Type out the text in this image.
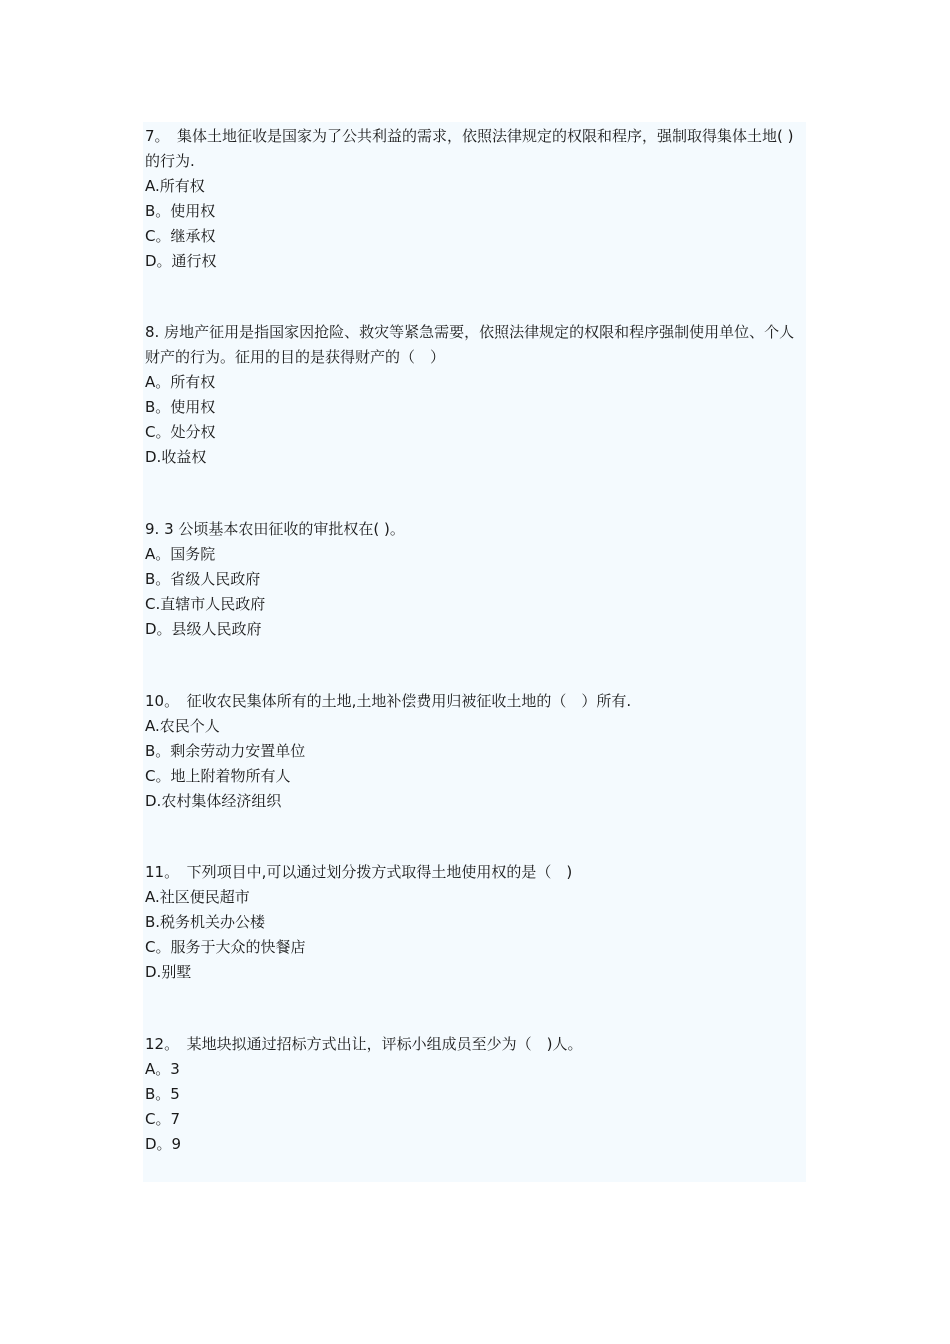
7。　集体土地征收是国家为了公共利益的需求，依照法律规定的权限和程序，强制取得集体土地( )的行为.

A.所有权

B。使用权

C。继承权

D。通行权

8. 房地产征用是指国家因抢险、救灾等紧急需要，依照法律规定的权限和程序强制使用单位、个人财产的行为。征用的目的是获得财产的（　）

A。所有权

B。使用权

C。处分权

D.收益权

9. 3 公顷基本农田征收的审批权在( )。

A。国务院

B。省级人民政府

C.直辖市人民政府

D。县级人民政府

10。　征收农民集体所有的土地,土地补偿费用归被征收土地的（　）所有.

A.农民个人

B。剩余劳动力安置单位

C。地上附着物所有人

D.农村集体经济组织

11。　下列项目中,可以通过划分拨方式取得土地使用权的是（　)

A.社区便民超市

B.税务机关办公楼

C。服务于大众的快餐店

D.别墅

12。　某地块拟通过招标方式出让，评标小组成员至少为（　)人。

A。3

B。5

C。7

D。9
